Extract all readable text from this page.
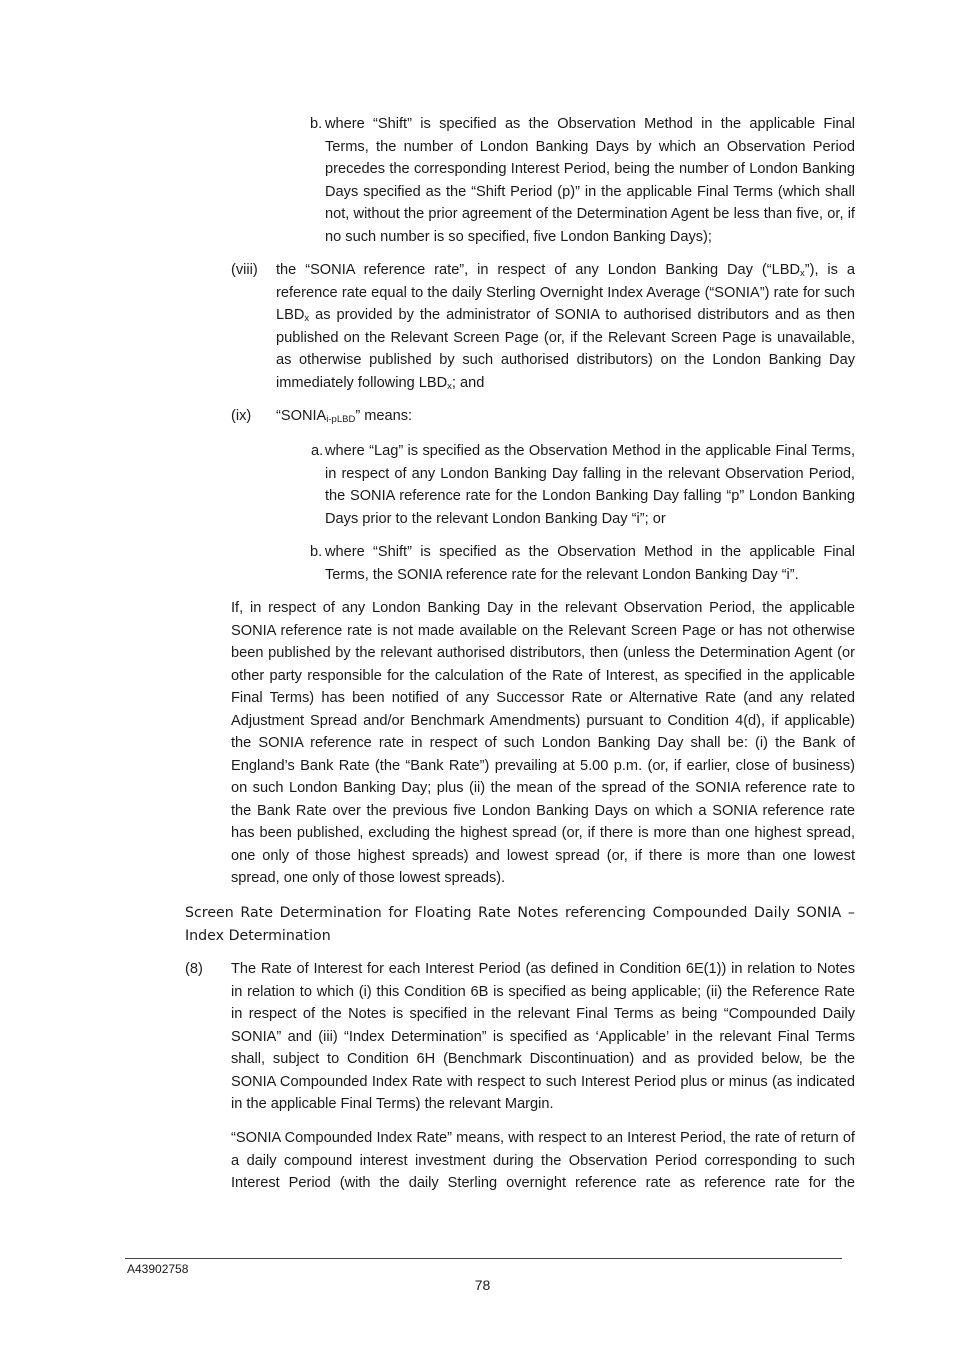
b. where “Shift” is specified as the Observation Method in the applicable Final Terms, the number of London Banking Days by which an Observation Period precedes the corresponding Interest Period, being the number of London Banking Days specified as the “Shift Period (p)” in the applicable Final Terms (which shall not, without the prior agreement of the Determination Agent be less than five, or, if no such number is so specified, five London Banking Days);

(viii) the “SONIA reference rate”, in respect of any London Banking Day $(“LBD_x”)$, is a reference rate equal to the daily Sterling Overnight Index Average (“SONIA”) rate for such $LBD_x$ as provided by the administrator of SONIA to authorised distributors and as then published on the Relevant Screen Page (or, if the Relevant Screen Page is unavailable, as otherwise published by such authorised distributors) on the London Banking Day immediately following $LBD_x$; and

(ix) “$SONIA_{i-pLBD}$” means:

a. where “Lag” is specified as the Observation Method in the applicable Final Terms, in respect of any London Banking Day falling in the relevant Observation Period, the SONIA reference rate for the London Banking Day falling “p” London Banking Days prior to the relevant London Banking Day “i”; or

b. where “Shift” is specified as the Observation Method in the applicable Final Terms, the SONIA reference rate for the relevant London Banking Day “i”.

If, in respect of any London Banking Day in the relevant Observation Period, the applicable SONIA reference rate is not made available on the Relevant Screen Page or has not otherwise been published by the relevant authorised distributors, then (unless the Determination Agent (or other party responsible for the calculation of the Rate of Interest, as specified in the applicable Final Terms) has been notified of any Successor Rate or Alternative Rate (and any related Adjustment Spread and/or Benchmark Amendments) pursuant to Condition 4(d), if applicable) the SONIA reference rate in respect of such London Banking Day shall be: (i) the Bank of England’s Bank Rate (the “Bank Rate”) prevailing at 5.00 p.m. (or, if earlier, close of business) on such London Banking Day; plus (ii) the mean of the spread of the SONIA reference rate to the Bank Rate over the previous five London Banking Days on which a SONIA reference rate has been published, excluding the highest spread (or, if there is more than one highest spread, one only of those highest spreads) and lowest spread (or, if there is more than one lowest spread, one only of those lowest spreads).

Screen Rate Determination for Floating Rate Notes referencing Compounded Daily SONIA – Index Determination
(8) The Rate of Interest for each Interest Period (as defined in Condition 6E(1)) in relation to Notes in relation to which (i) this Condition 6B is specified as being applicable; (ii) the Reference Rate in respect of the Notes is specified in the relevant Final Terms as being “Compounded Daily SONIA” and (iii) “Index Determination” is specified as ‘Applicable’ in the relevant Final Terms shall, subject to Condition 6H (Benchmark Discontinuation) and as provided below, be the SONIA Compounded Index Rate with respect to such Interest Period plus or minus (as indicated in the applicable Final Terms) the relevant Margin.

“SONIA Compounded Index Rate” means, with respect to an Interest Period, the rate of return of a daily compound interest investment during the Observation Period corresponding to such Interest Period (with the daily Sterling overnight reference rate as reference rate for the

A43902758
78
